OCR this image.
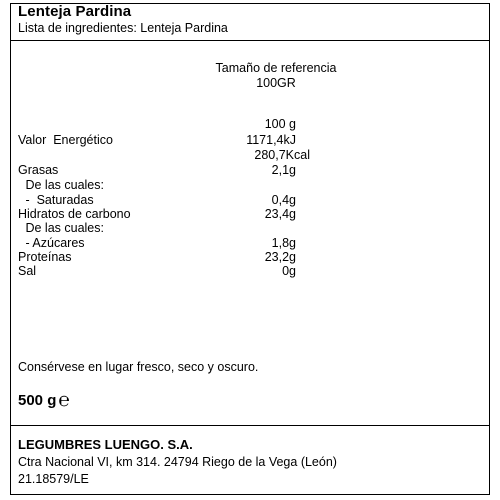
Lenteja Pardina
Lista de ingredientes: Lenteja Pardina
Tamaño de referencia
100GR
100 g
Valor  Energético	1171,4kJ
280,7Kcal
Grasas	2,1g
De las cuales:
-  Saturadas	0,4g
Hidratos de carbono	23,4g
De las cuales:
- Azúcares	1,8g
Proteínas	23,2g
Sal	0g
Consérvese en lugar fresco, seco y oscuro.
500 g ℮
LEGUMBRES LUENGO. S.A.
Ctra Nacional VI, km 314. 24794 Riego de la Vega (León)
21.18579/LE
